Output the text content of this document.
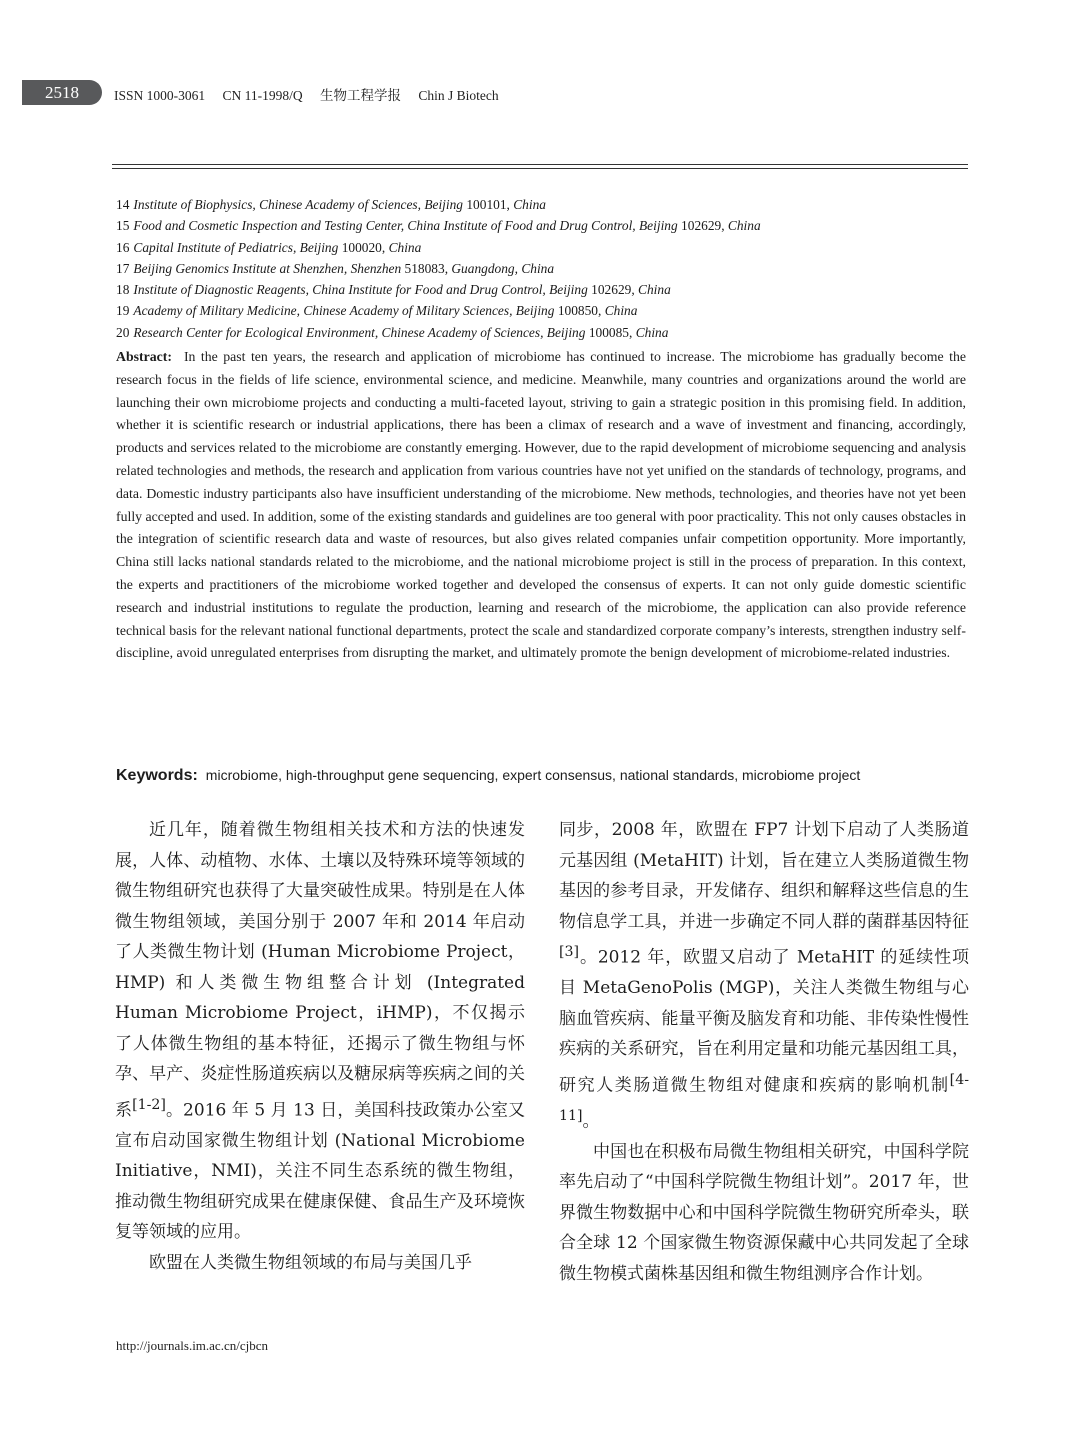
2518	ISSN 1000-3061 CN 11-1998/Q 生物工程学报 Chin J Biotech
14 Institute of Biophysics, Chinese Academy of Sciences, Beijing 100101, China
15 Food and Cosmetic Inspection and Testing Center, China Institute of Food and Drug Control, Beijing 102629, China
16 Capital Institute of Pediatrics, Beijing 100020, China
17 Beijing Genomics Institute at Shenzhen, Shenzhen 518083, Guangdong, China
18 Institute of Diagnostic Reagents, China Institute for Food and Drug Control, Beijing 102629, China
19 Academy of Military Medicine, Chinese Academy of Military Sciences, Beijing 100850, China
20 Research Center for Ecological Environment, Chinese Academy of Sciences, Beijing 100085, China
Abstract: In the past ten years, the research and application of microbiome has continued to increase. The microbiome has gradually become the research focus in the fields of life science, environmental science, and medicine. Meanwhile, many countries and organizations around the world are launching their own microbiome projects and conducting a multi-faceted layout, striving to gain a strategic position in this promising field. In addition, whether it is scientific research or industrial applications, there has been a climax of research and a wave of investment and financing, accordingly, products and services related to the microbiome are constantly emerging. However, due to the rapid development of microbiome sequencing and analysis related technologies and methods, the research and application from various countries have not yet unified on the standards of technology, programs, and data. Domestic industry participants also have insufficient understanding of the microbiome. New methods, technologies, and theories have not yet been fully accepted and used. In addition, some of the existing standards and guidelines are too general with poor practicality. This not only causes obstacles in the integration of scientific research data and waste of resources, but also gives related companies unfair competition opportunity. More importantly, China still lacks national standards related to the microbiome, and the national microbiome project is still in the process of preparation. In this context, the experts and practitioners of the microbiome worked together and developed the consensus of experts. It can not only guide domestic scientific research and industrial institutions to regulate the production, learning and research of the microbiome, the application can also provide reference technical basis for the relevant national functional departments, protect the scale and standardized corporate company’s interests, strengthen industry self-discipline, avoid unregulated enterprises from disrupting the market, and ultimately promote the benign development of microbiome-related industries.
Keywords: microbiome, high-throughput gene sequencing, expert consensus, national standards, microbiome project

近几年，随着微生物组相关技术和方法的快速发展，人体、动植物、水体、土壤以及特殊环境等领域的微生物组研究也获得了大量突破性成果。特别是在人体微生物组领域，美国分别于 2007 年和 2014 年启动了人类微生物计划 (Human Microbiome Project，HMP) 和人类微生物组整合计划 (Integrated Human Microbiome Project，iHMP)，不仅揭示了人体微生物组的基本特征，还揭示了微生物组与怀孕、早产、炎症性肠道疾病以及糖尿病等疾病之间的关系[1-2]。2016 年 5 月 13 日，美国科技政策办公室又宣布启动国家微生物组计划 (National Microbiome Initiative，NMI)，关注不同生态系统的微生物组，推动微生物组研究成果在健康保健、食品生产及环境恢复等领域的应用。

欧盟在人类微生物组领域的布局与美国几乎

同步，2008 年，欧盟在 FP7 计划下启动了人类肠道元基因组 (MetaHIT) 计划，旨在建立人类肠道微生物基因的参考目录，开发储存、组织和解释这些信息的生物信息学工具，并进一步确定不同人群的菌群基因特征[3]。2012 年，欧盟又启动了 MetaHIT 的延续性项目 MetaGenoPolis (MGP)，关注人类微生物组与心脑血管疾病、能量平衡及脑发育和功能、非传染性慢性疾病的关系研究，旨在利用定量和功能元基因组工具，研究人类肠道微生物组对健康和疾病的影响机制[4-11]。

中国也在积极布局微生物组相关研究，中国科学院率先启动了“中国科学院微生物组计划”。2017 年，世界微生物数据中心和中国科学院微生物研究所牵头，联合全球 12 个国家微生物资源保藏中心共同发起了全球微生物模式菌株基因组和微生物组测序合作计划。

http://journals.im.ac.cn/cjbcn
